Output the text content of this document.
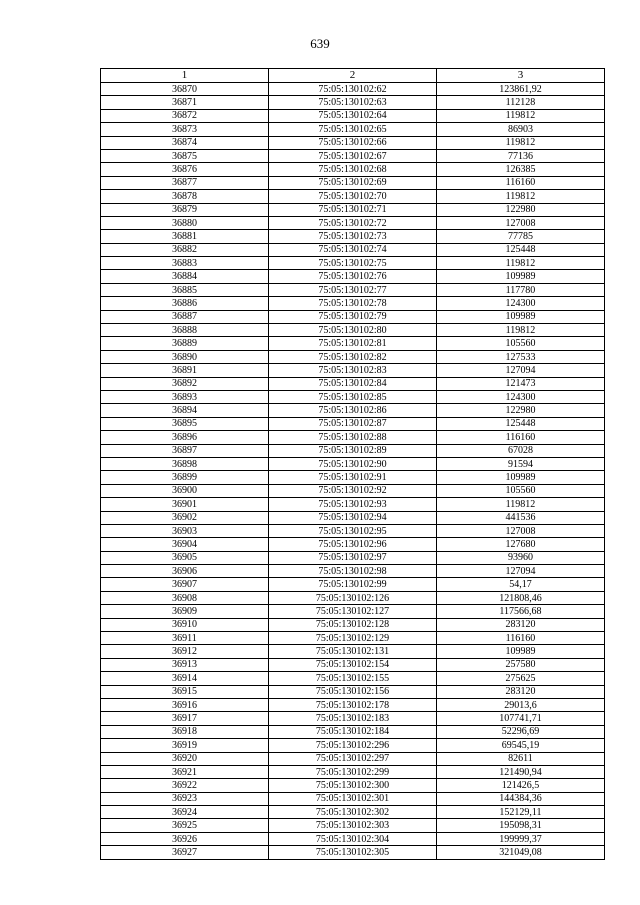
639
1	2	3
36870	75:05:130102:62	123861,92
36871	75:05:130102:63	112128
36872	75:05:130102:64	119812
36873	75:05:130102:65	86903
36874	75:05:130102:66	119812
36875	75:05:130102:67	77136
36876	75:05:130102:68	126385
36877	75:05:130102:69	116160
36878	75:05:130102:70	119812
36879	75:05:130102:71	122980
36880	75:05:130102:72	127008
36881	75:05:130102:73	77785
36882	75:05:130102:74	125448
36883	75:05:130102:75	119812
36884	75:05:130102:76	109989
36885	75:05:130102:77	117780
36886	75:05:130102:78	124300
36887	75:05:130102:79	109989
36888	75:05:130102:80	119812
36889	75:05:130102:81	105560
36890	75:05:130102:82	127533
36891	75:05:130102:83	127094
36892	75:05:130102:84	121473
36893	75:05:130102:85	124300
36894	75:05:130102:86	122980
36895	75:05:130102:87	125448
36896	75:05:130102:88	116160
36897	75:05:130102:89	67028
36898	75:05:130102:90	91594
36899	75:05:130102:91	109989
36900	75:05:130102:92	105560
36901	75:05:130102:93	119812
36902	75:05:130102:94	441536
36903	75:05:130102:95	127008
36904	75:05:130102:96	127680
36905	75:05:130102:97	93960
36906	75:05:130102:98	127094
36907	75:05:130102:99	54,17
36908	75:05:130102:126	121808,46
36909	75:05:130102:127	117566,68
36910	75:05:130102:128	283120
36911	75:05:130102:129	116160
36912	75:05:130102:131	109989
36913	75:05:130102:154	257580
36914	75:05:130102:155	275625
36915	75:05:130102:156	283120
36916	75:05:130102:178	29013,6
36917	75:05:130102:183	107741,71
36918	75:05:130102:184	52296,69
36919	75:05:130102:296	69545,19
36920	75:05:130102:297	82611
36921	75:05:130102:299	121490,94
36922	75:05:130102:300	121426,5
36923	75:05:130102:301	144384,36
36924	75:05:130102:302	152129,11
36925	75:05:130102:303	195098,31
36926	75:05:130102:304	199999,37
36927	75:05:130102:305	321049,08
